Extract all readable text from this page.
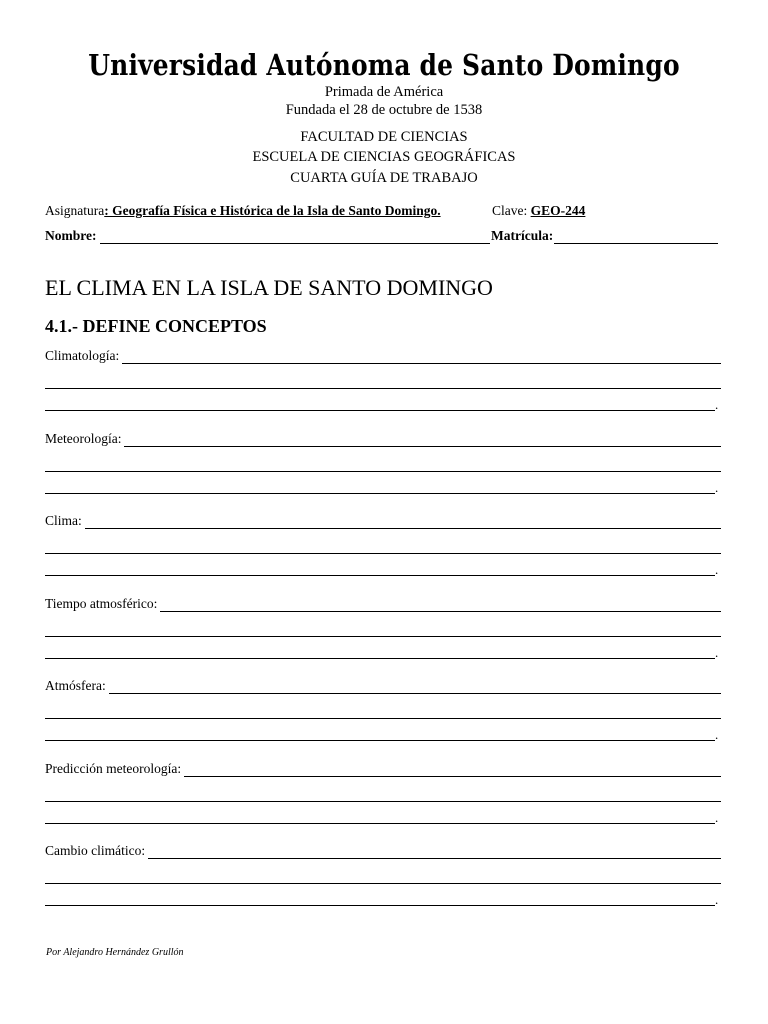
Universidad Autónoma de Santo Domingo
Primada de América
Fundada el 28 de octubre de 1538
FACULTAD DE CIENCIAS
ESCUELA DE CIENCIAS GEOGRÁFICAS
CUARTA GUÍA DE TRABAJO
Asignatura: Geografía Física e Histórica de la Isla de Santo Domingo.	Clave: GEO-244
Nombre:	Matrícula:
EL CLIMA EN LA ISLA DE SANTO DOMINGO
4.1.- DEFINE CONCEPTOS
Climatología:
.
Meteorología:
.
Clima:
.
Tiempo atmosférico:
.
Atmósfera:
.
Predicción meteorología:
.
Cambio climático:
.
Por Alejandro Hernández Grullón
